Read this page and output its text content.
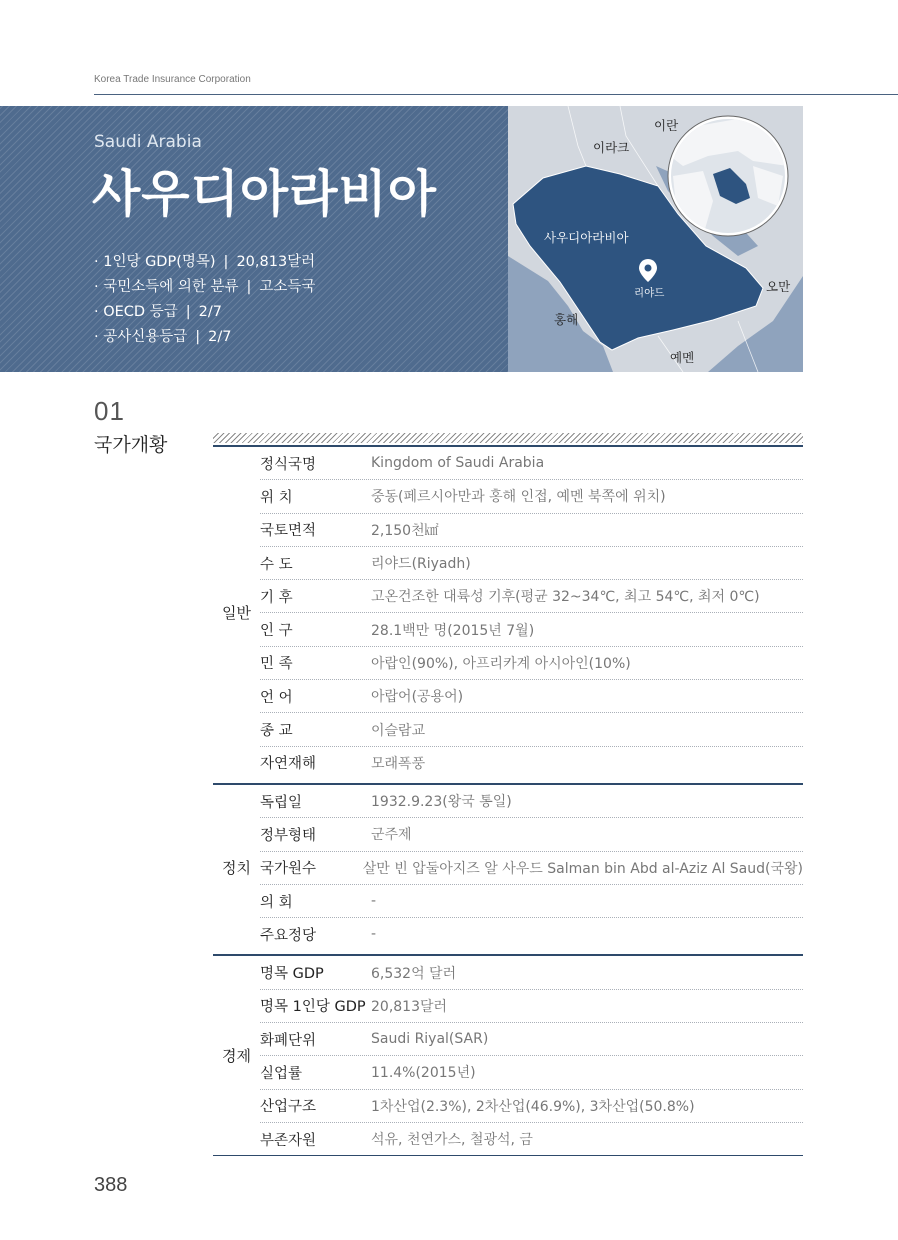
Korea Trade Insurance Corporation
Saudi Arabia
사우디아라비아
· 1인당 GDP(명목) | 20,813달러
· 국민소득에 의한 분류 | 고소득국
· OECD 등급 | 2/7
· 공사신용등급 | 2/7
이란
이라크
사우디아라비아
리야드	오만
홍해
예멘
01
국가개황
일반
정식국명	Kingdom of Saudi Arabia
위 치	중동(페르시아만과 홍해 인접, 예멘 북쪽에 위치)
국토면적	2,150천㎢
수 도	리야드(Riyadh)
기 후	고온건조한 대륙성 기후(평균 32~34℃, 최고 54℃, 최저 0℃)
인 구	28.1백만 명(2015년 7월)
민 족	아랍인(90%), 아프리카계 아시아인(10%)
언 어	아랍어(공용어)
종 교	이슬람교
자연재해	모래폭풍
정치
독립일	1932.9.23(왕국 통일)
정부형태	군주제
국가원수	살만 빈 압둘아지즈 알 사우드 Salman bin Abd al-Aziz Al Saud(국왕)
의 회	-
주요정당	-
경제
명목 GDP	6,532억 달러
명목 1인당 GDP 20,813달러
화폐단위	Saudi Riyal(SAR)
실업률	11.4%(2015년)
산업구조	1차산업(2.3%), 2차산업(46.9%), 3차산업(50.8%)
부존자원	석유, 천연가스, 철광석, 금
388
